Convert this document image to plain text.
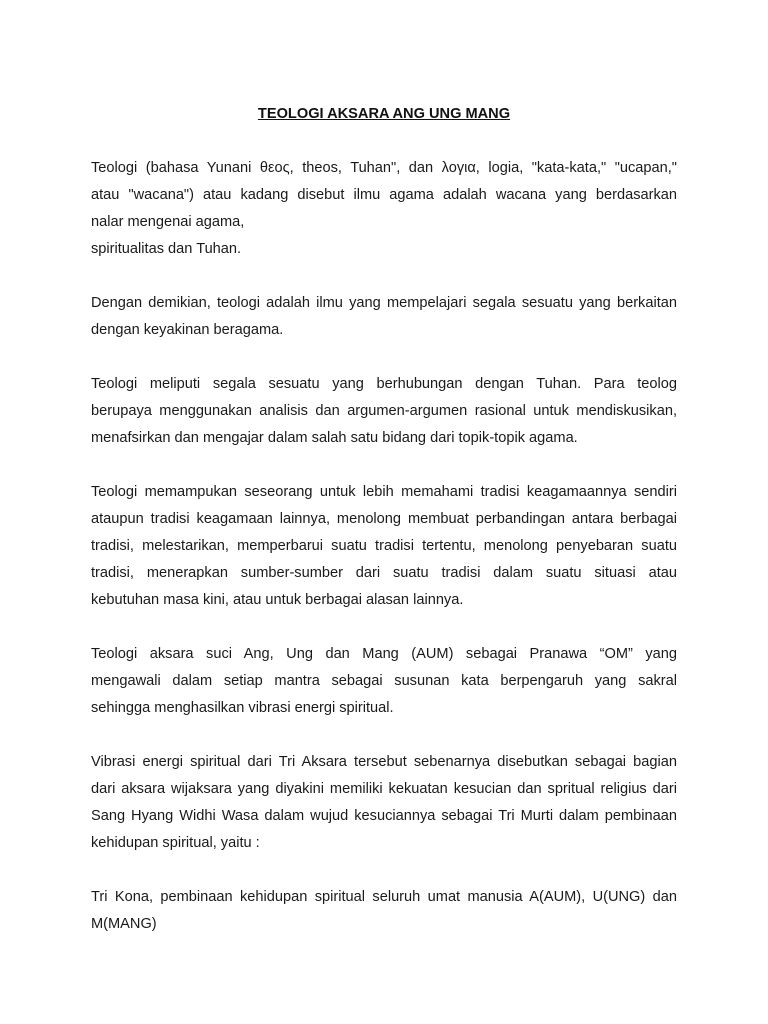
TEOLOGI AKSARA ANG UNG MANG
Teologi (bahasa Yunani θεος, theos, Tuhan", dan λογια, logia, "kata-kata," "ucapan,"
atau "wacana") atau kadang disebut ilmu agama adalah wacana yang berdasarkan
nalar mengenai agama,
spiritualitas dan Tuhan.
Dengan demikian, teologi adalah ilmu yang mempelajari segala sesuatu yang berkaitan
dengan keyakinan beragama.
Teologi meliputi segala sesuatu yang berhubungan dengan Tuhan. Para teolog
berupaya menggunakan analisis dan argumen-argumen rasional untuk mendiskusikan,
menafsirkan dan mengajar dalam salah satu bidang dari topik-topik agama.
Teologi memampukan seseorang untuk lebih memahami tradisi keagamaannya sendiri
ataupun tradisi keagamaan lainnya, menolong membuat perbandingan antara berbagai
tradisi, melestarikan, memperbarui suatu tradisi tertentu, menolong penyebaran suatu
tradisi, menerapkan sumber-sumber dari suatu tradisi dalam suatu situasi atau
kebutuhan masa kini, atau untuk berbagai alasan lainnya.
Teologi aksara suci Ang, Ung dan Mang (AUM) sebagai Pranawa “OM” yang
mengawali dalam setiap mantra sebagai susunan kata berpengaruh yang sakral
sehingga menghasilkan vibrasi energi spiritual.
Vibrasi energi spiritual dari Tri Aksara tersebut sebenarnya disebutkan sebagai bagian
dari aksara wijaksara yang diyakini memiliki kekuatan kesucian dan spritual religius dari
Sang Hyang Widhi Wasa dalam wujud kesuciannya sebagai Tri Murti dalam pembinaan
kehidupan spiritual, yaitu :
Tri Kona, pembinaan kehidupan spiritual seluruh umat manusia A(AUM), U(UNG) dan
M(MANG)
